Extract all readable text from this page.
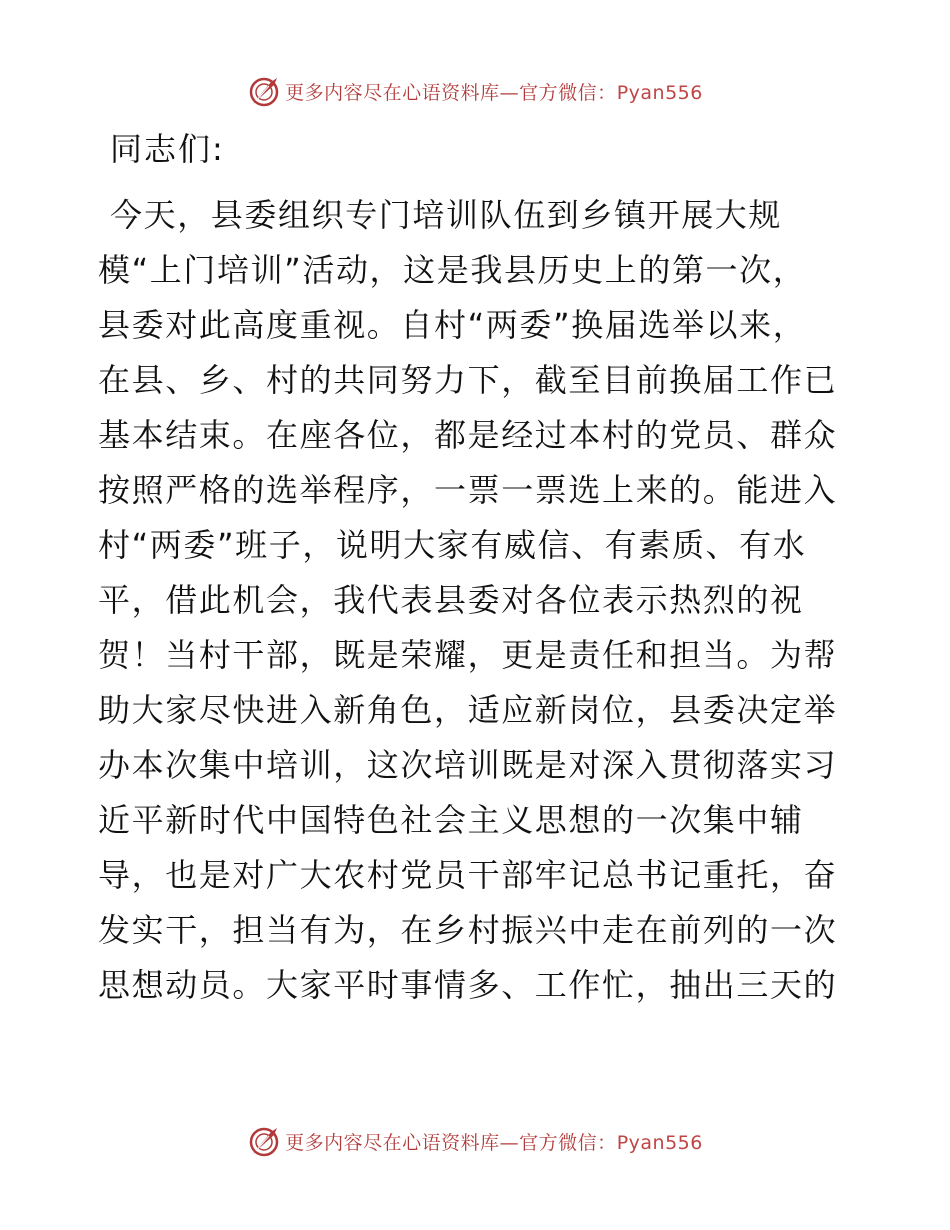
更多内容尽在心语资料库—官方微信：Pyan556
同志们:
今天，县委组织专门培训队伍到乡镇开展大规
模“上门培训”活动，这是我县历史上的第一次，
县委对此高度重视。自村“两委”换届选举以来，
在县、乡、村的共同努力下，截至目前换届工作已
基本结束。在座各位，都是经过本村的党员、群众
按照严格的选举程序，一票一票选上来的。能进入
村“两委”班子，说明大家有威信、有素质、有水
平，借此机会，我代表县委对各位表示热烈的祝
贺！当村干部，既是荣耀，更是责任和担当。为帮
助大家尽快进入新角色，适应新岗位，县委决定举
办本次集中培训，这次培训既是对深入贯彻落实习
近平新时代中国特色社会主义思想的一次集中辅
导，也是对广大农村党员干部牢记总书记重托，奋
发实干，担当有为，在乡村振兴中走在前列的一次
思想动员。大家平时事情多、工作忙，抽出三天的
更多内容尽在心语资料库—官方微信：Pyan556
